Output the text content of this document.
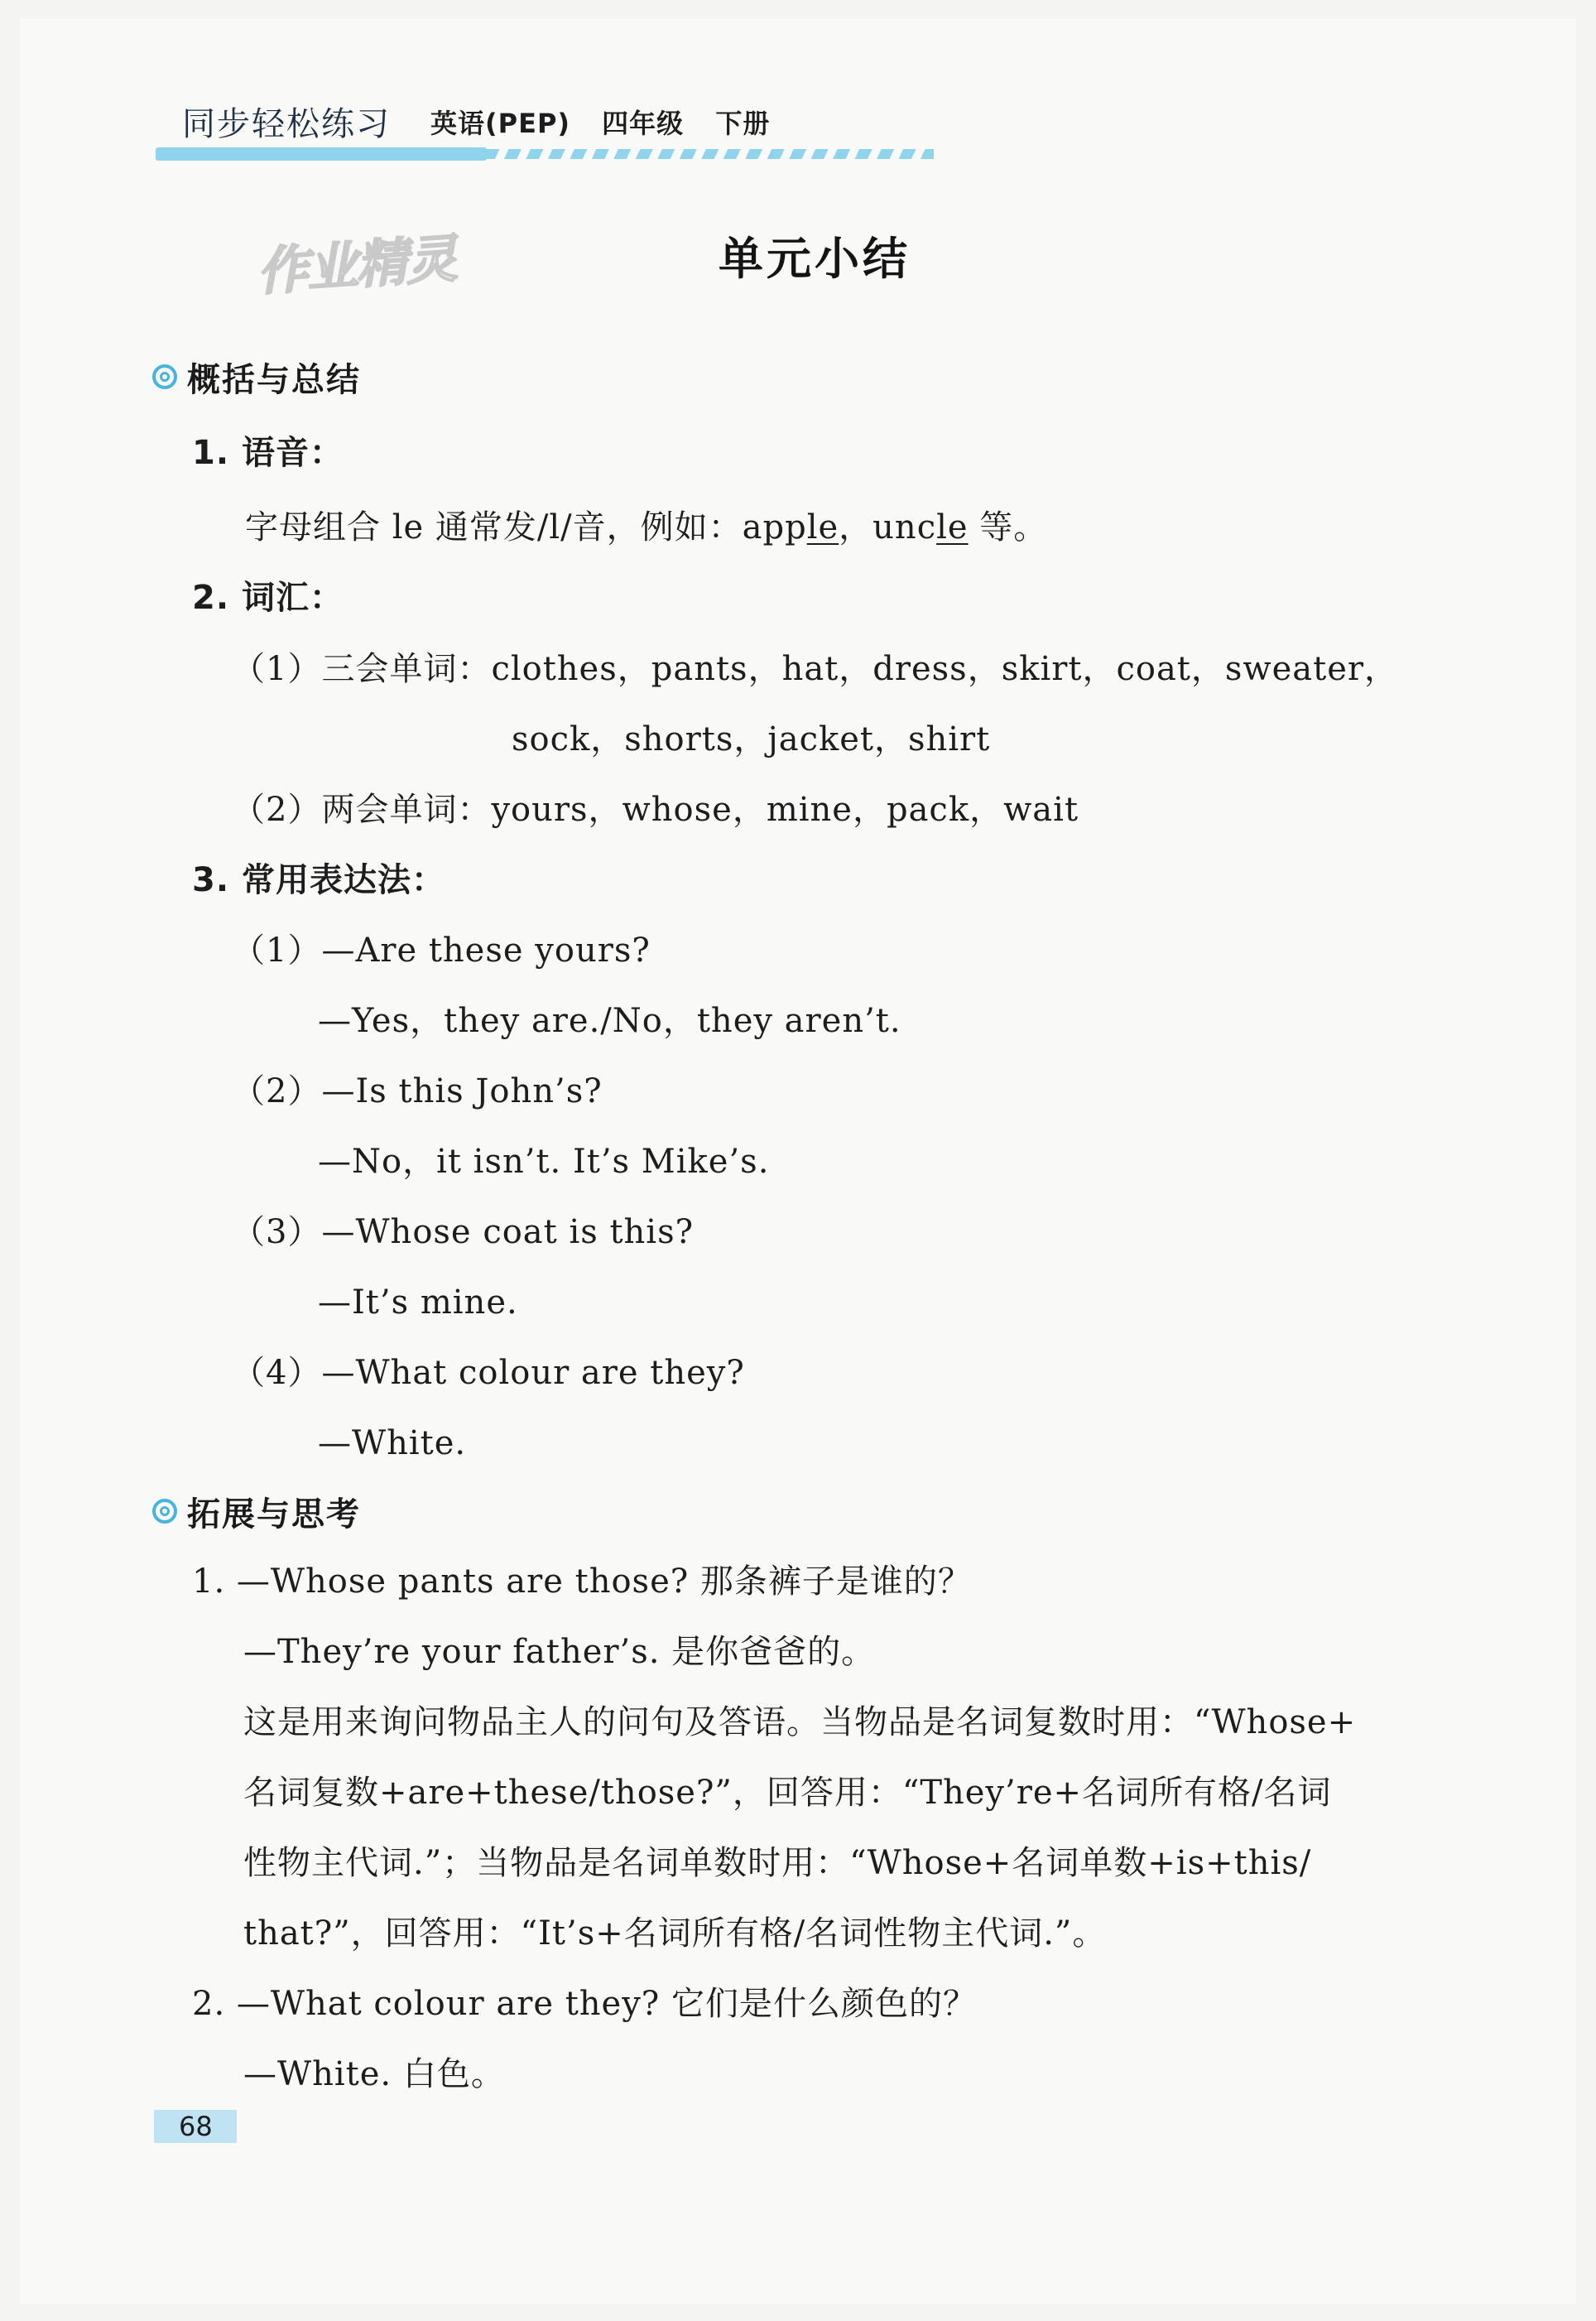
同步轻松练习 英语(PEP) 四年级 下册
作业精灵	单元小结
概括与总结
1. 语音：
字母组合 le 通常发/l/音，例如：apple，uncle 等。
2. 词汇：
（1）三会单词：clothes，pants，hat，dress，skirt，coat，sweater，
sock，shorts，jacket，shirt
（2）两会单词：yours，whose，mine，pack，wait
3. 常用表达法：
（1）—Are these yours?
—Yes，they are./No，they aren’t.
（2）—Is this John’s?
—No，it isn’t. It’s Mike’s.
（3）—Whose coat is this?
—It’s mine.
（4）—What colour are they?
—White.
拓展与思考
1. —Whose pants are those? 那条裤子是谁的？
—They’re your father’s. 是你爸爸的。
这是用来询问物品主人的问句及答语。当物品是名词复数时用：“Whose+
名词复数+are+these/those?”，回答用：“They’re+名词所有格/名词
性物主代词.”；当物品是名词单数时用：“Whose+名词单数+is+this/
that?”，回答用：“It’s+名词所有格/名词性物主代词.”。
2. —What colour are they? 它们是什么颜色的？
—White. 白色。
68
